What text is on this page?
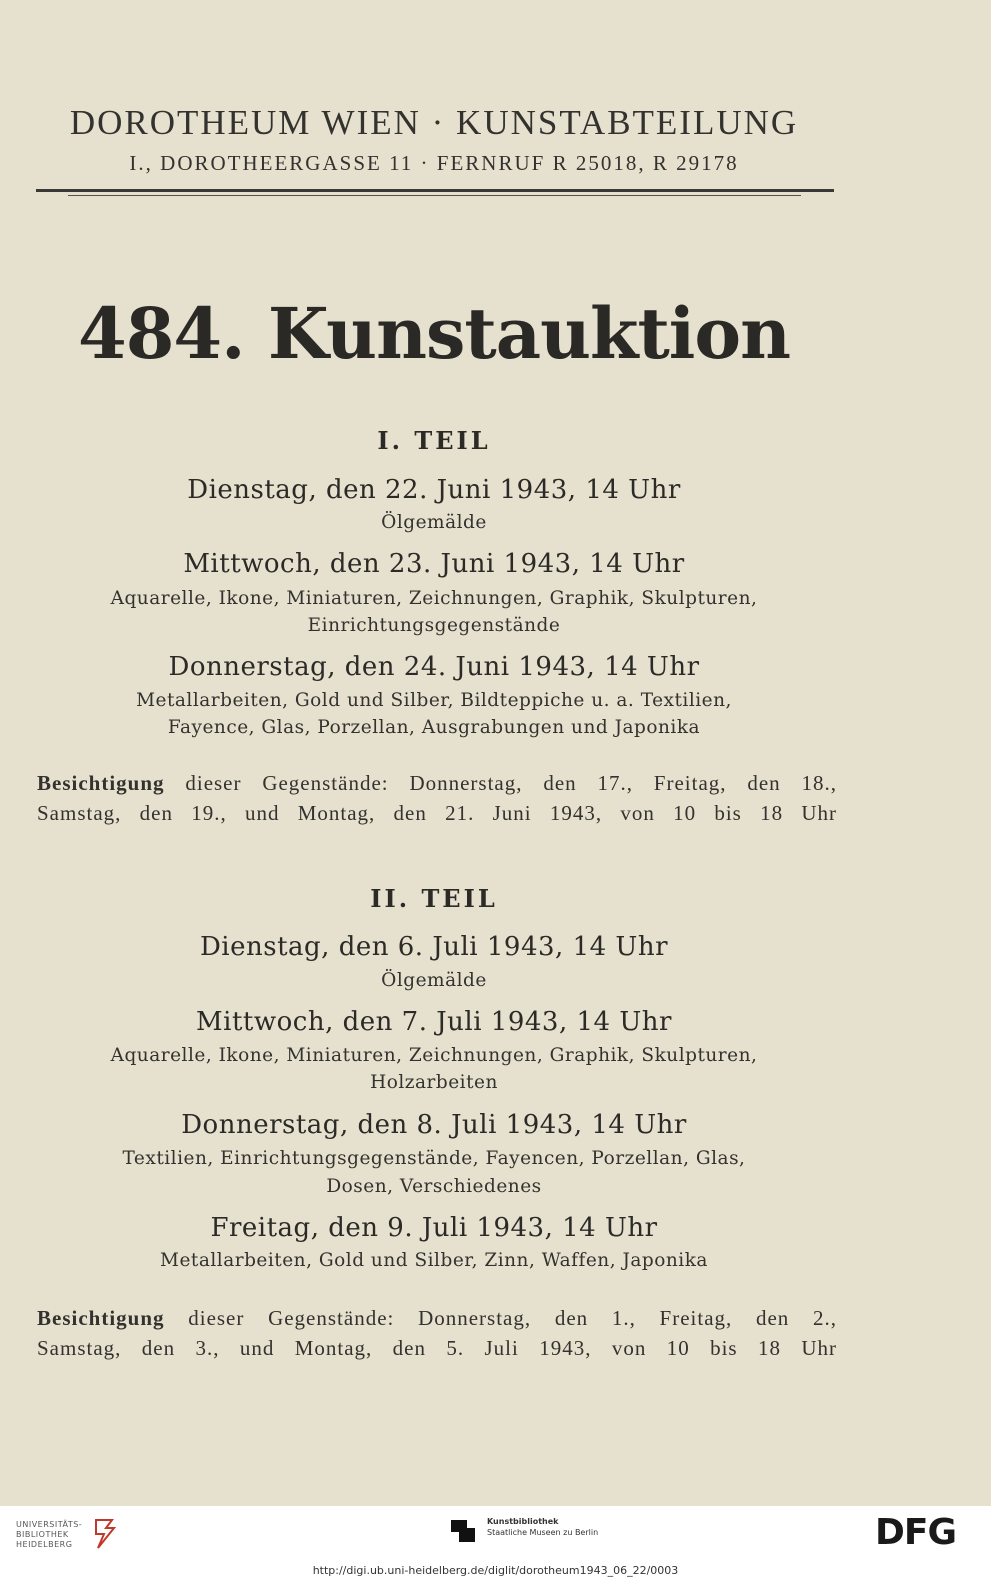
DOROTHEUM WIEN · KUNSTABTEILUNG
I., DOROTHEERGASSE 11 · FERNRUF R 25018, R 29178
484. Kunstauktion
I. TEIL
Dienstag, den 22. Juni 1943, 14 Uhr
Ölgemälde
Mittwoch, den 23. Juni 1943, 14 Uhr
Aquarelle, Ikone, Miniaturen, Zeichnungen, Graphik, Skulpturen,
Einrichtungsgegenstände
Donnerstag, den 24. Juni 1943, 14 Uhr
Metallarbeiten, Gold und Silber, Bildteppiche u. a. Textilien,
Fayence, Glas, Porzellan, Ausgrabungen und Japonika
Besichtigung dieser Gegenstände: Donnerstag, den 17., Freitag, den 18.,
Samstag, den 19., und Montag, den 21. Juni 1943, von 10 bis 18 Uhr
II. TEIL
Dienstag, den 6. Juli 1943, 14 Uhr
Ölgemälde
Mittwoch, den 7. Juli 1943, 14 Uhr
Aquarelle, Ikone, Miniaturen, Zeichnungen, Graphik, Skulpturen,
Holzarbeiten
Donnerstag, den 8. Juli 1943, 14 Uhr
Textilien, Einrichtungsgegenstände, Fayencen, Porzellan, Glas,
Dosen, Verschiedenes
Freitag, den 9. Juli 1943, 14 Uhr
Metallarbeiten, Gold und Silber, Zinn, Waffen, Japonika
Besichtigung dieser Gegenstände: Donnerstag, den 1., Freitag, den 2.,
Samstag, den 3., und Montag, den 5. Juli 1943, von 10 bis 18 Uhr
UNIVERSITÄTS-
BIBLIOTHEK
HEIDELBERG
Kunstbibliothek
Staatliche Museen zu Berlin	DFG
http://digi.ub.uni-heidelberg.de/diglit/dorotheum1943_06_22/0003
